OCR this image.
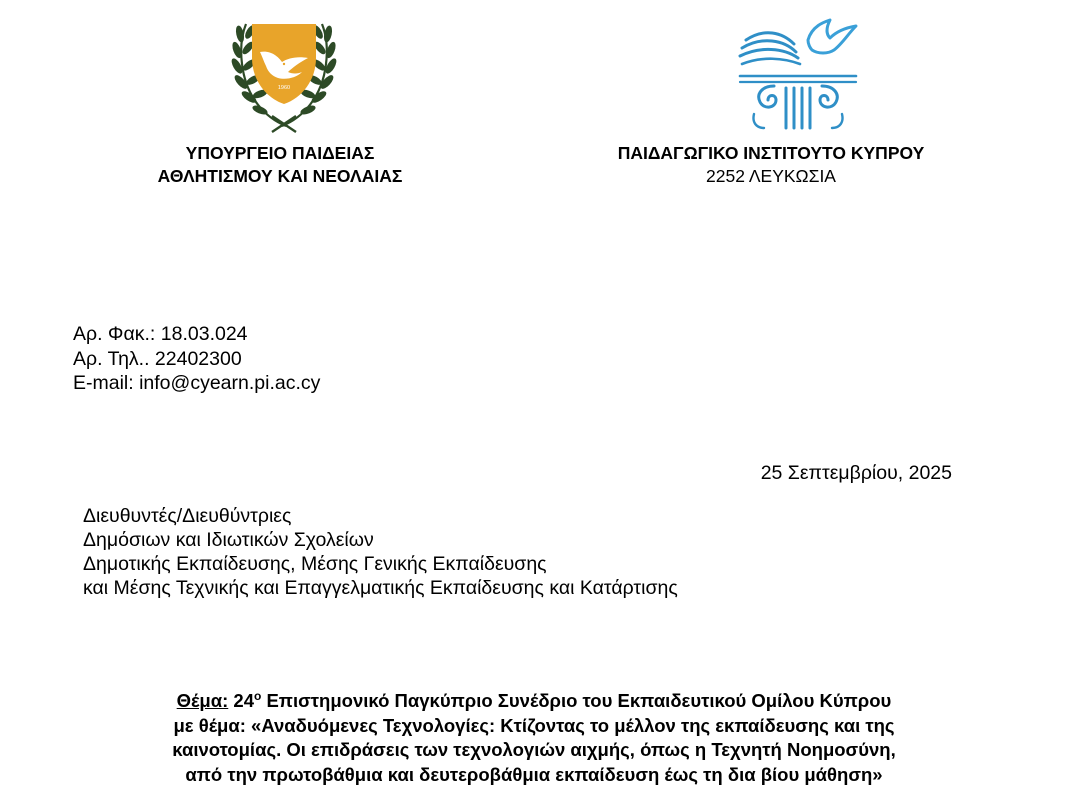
1960
ΥΠΟΥΡΓΕΙΟ ΠΑΙΔΕΙΑΣ
ΑΘΛΗΤΙΣΜΟΥ ΚΑΙ ΝΕΟΛΑΙΑΣ
ΠΑΙΔΑΓΩΓΙΚΟ ΙΝΣΤΙΤΟΥΤΟ ΚΥΠΡΟΥ
2252 ΛΕΥΚΩΣΙΑ
Αρ. Φακ.: 18.03.024
Αρ. Τηλ.. 22402300
E-mail: info@cyearn.pi.ac.cy
25 Σεπτεμβρίου, 2025
Διευθυντές/Διευθύντριες
Δημόσιων και Ιδιωτικών Σχολείων
Δημοτικής Εκπαίδευσης, Μέσης Γενικής Εκπαίδευσης
και Μέσης Τεχνικής και Επαγγελματικής Εκπαίδευσης και Κατάρτισης
Θέμα: $24^o$ Επιστημονικό Παγκύπριο Συνέδριο του Εκπαιδευτικού Ομίλου Κύπρου
με θέμα: «Αναδυόμενες Τεχνολογίες: Κτίζοντας το μέλλον της εκπαίδευσης και της
καινοτομίας. Οι επιδράσεις των τεχνολογιών αιχμής, όπως η Τεχνητή Νοημοσύνη,
από την πρωτοβάθμια και δευτεροβάθμια εκπαίδευση έως τη δια βίου μάθηση»
